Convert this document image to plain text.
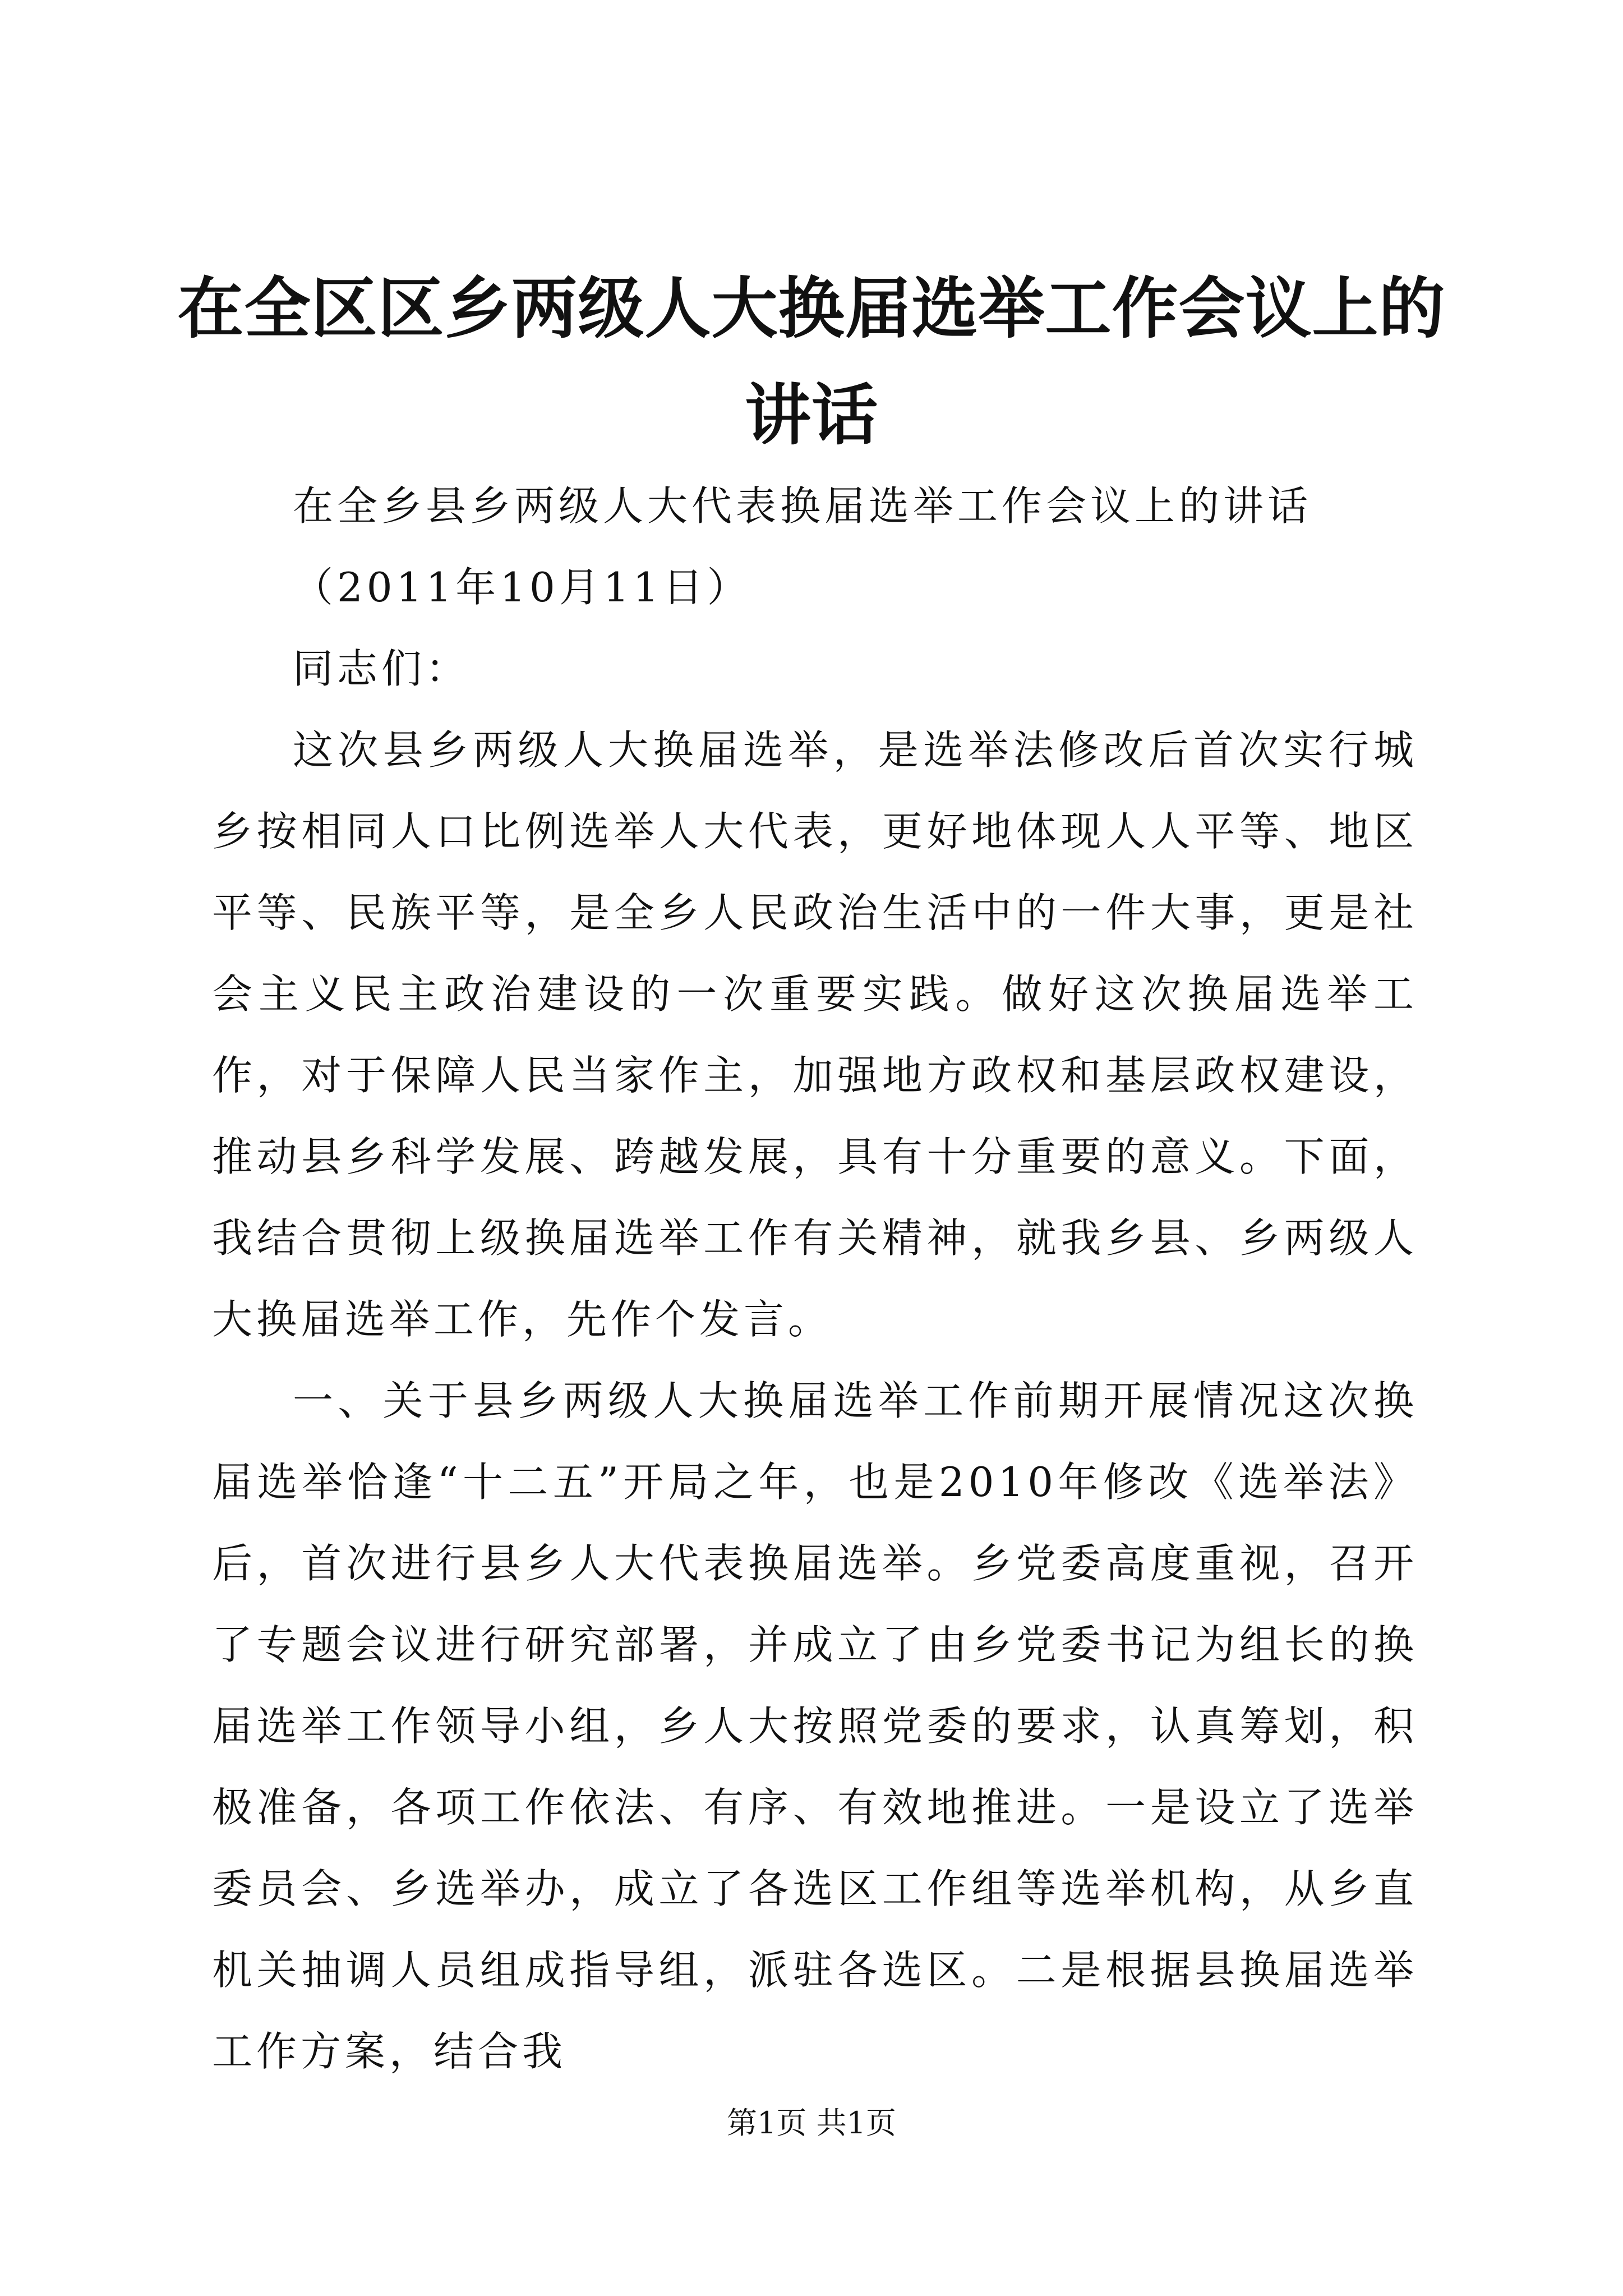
在全区区乡两级人大换届选举工作会议上的讲话

在全乡县乡两级人大代表换届选举工作会议上的讲话

（2011年10月11日）

同志们：

这次县乡两级人大换届选举，是选举法修改后首次实行城乡按相同人口比例选举人大代表，更好地体现人人平等、地区平等、民族平等，是全乡人民政治生活中的一件大事，更是社会主义民主政治建设的一次重要实践。做好这次换届选举工作，对于保障人民当家作主，加强地方政权和基层政权建设，推动县乡科学发展、跨越发展，具有十分重要的意义。下面，我结合贯彻上级换届选举工作有关精神，就我乡县、乡两级人大换届选举工作，先作个发言。

一、关于县乡两级人大换届选举工作前期开展情况这次换届选举恰逢“十二五”开局之年，也是2010年修改《选举法》后，首次进行县乡人大代表换届选举。乡党委高度重视，召开了专题会议进行研究部署，并成立了由乡党委书记为组长的换届选举工作领导小组，乡人大按照党委的要求，认真筹划，积极准备，各项工作依法、有序、有效地推进。一是设立了选举委员会、乡选举办，成立了各选区工作组等选举机构，从乡直机关抽调人员组成指导组，派驻各选区。二是根据县换届选举工作方案，结合我

第1页 共1页
